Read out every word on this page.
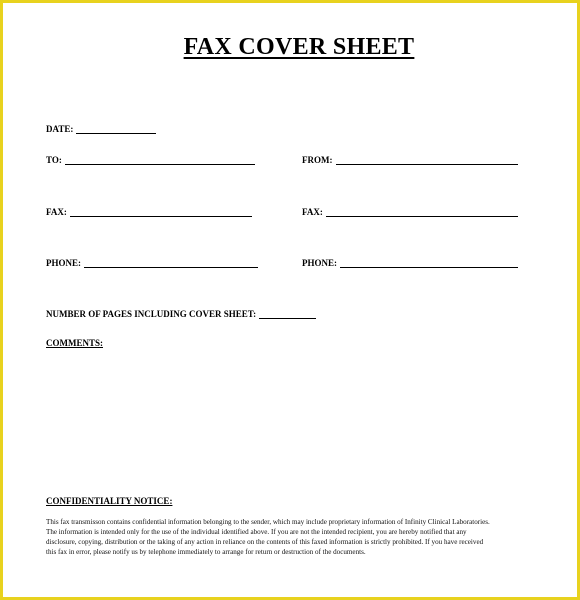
FAX COVER SHEET
DATE:
TO:	FROM:
FAX:	FAX:
PHONE:	PHONE:
NUMBER OF PAGES INCLUDING COVER SHEET:
COMMENTS:
CONFIDENTIALITY NOTICE:
This fax transmisson contains confidential information belonging to the sender, which may include proprietary information of Infinity Clinical Laboratories.
The information is intended only for the use of the individual identified above. If you are not the intended recipient, you are hereby notified that any
disclosure, copying, distribution or the taking of any action in reliance on the contents of this faxed information is strictly prohibited. If you have received
this fax in error, please notify us by telephone immediately to arrange for return or destruction of the documents.
